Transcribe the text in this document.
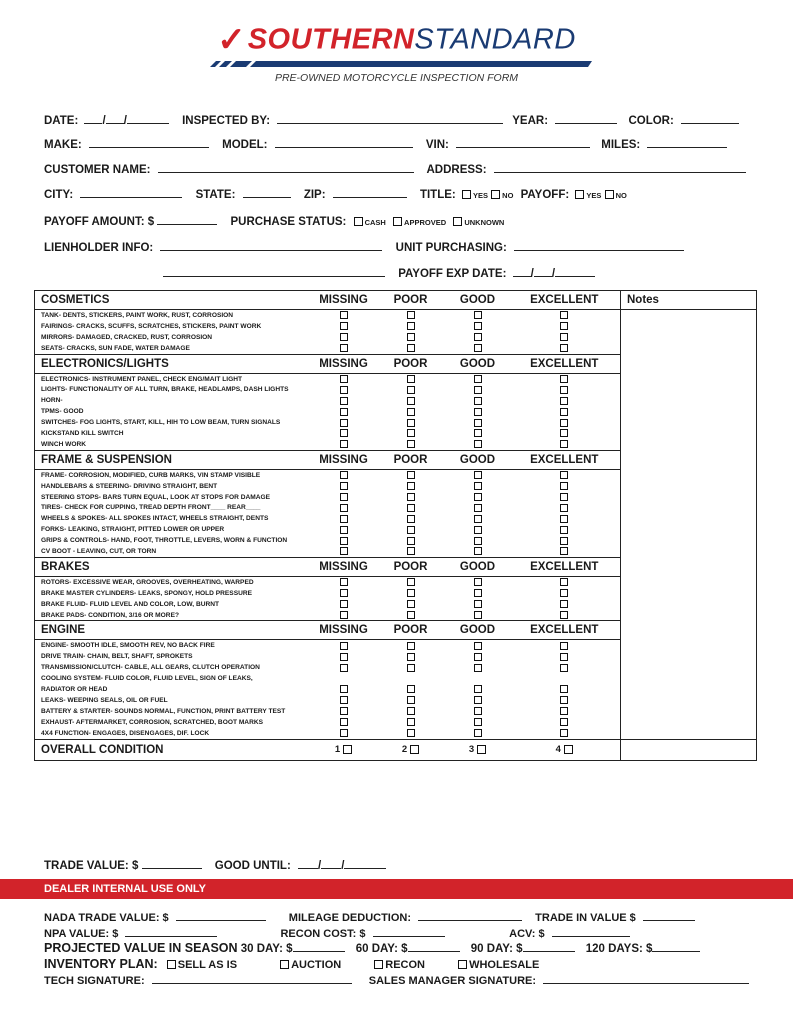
✓SOUTHERNSTANDARD
PRE-OWNED MOTORCYCLE INSPECTION FORM
DATE: / /	INSPECTED BY:	YEAR:	COLOR:
MAKE:	MODEL:	VIN:	MILES:
CUSTOMER NAME:	ADDRESS:
CITY:	STATE:	ZIP:	TITLE: YES NO PAYOFF: YES NO
PAYOFF AMOUNT: $	PURCHASE STATUS: CASH APPROVED UNKNOWN
LIENHOLDER INFO:	UNIT PURCHASING:
PAYOFF EXP DATE: / /
COSMETICS	MISSING	POOR	GOOD	EXCELLENT	Notes
TANK- DENTS, STICKERS, PAINT WORK, RUST, CORROSION					
FAIRINGS- CRACKS, SCUFFS, SCRATCHES, STICKERS, PAINT WORK					
MIRRORS- DAMAGED, CRACKED, RUST, CORROSION					
SEATS- CRACKS, SUN FADE, WATER DAMAGE					
ELECTRONICS/LIGHTS	MISSING	POOR	GOOD	EXCELLENT	
ELECTRONICS- INSTRUMENT PANEL, CHECK ENG/MAIT LIGHT					
LIGHTS- FUNCTIONALITY OF ALL TURN, BRAKE, HEADLAMPS, DASH LIGHTS					
HORN-					
TPMS- GOOD					
SWITCHES- FOG LIGHTS, START, KILL, HIH TO LOW BEAM, TURN SIGNALS					
KICKSTAND KILL SWITCH					
WINCH WORK					
FRAME & SUSPENSION	MISSING	POOR	GOOD	EXCELLENT	
FRAME- CORROSION, MODIFIED, CURB MARKS, VIN STAMP VISIBLE					
HANDLEBARS & STEERING- DRIVING STRAIGHT, BENT					
STEERING STOPS- BARS TURN EQUAL, LOOK AT STOPS FOR DAMAGE					
TIRES- CHECK FOR CUPPING, TREAD DEPTH FRONT____ REAR____					
WHEELS & SPOKES- ALL SPOKES INTACT, WHEELS STRAIGHT, DENTS					
FORKS- LEAKING, STRAIGHT, PITTED LOWER OR UPPER					
GRIPS & CONTROLS- HAND, FOOT, THROTTLE, LEVERS, WORN & FUNCTION					
CV BOOT - LEAVING, CUT, OR TORN					
BRAKES	MISSING	POOR	GOOD	EXCELLENT	
ROTORS- EXCESSIVE WEAR, GROOVES, OVERHEATING, WARPED					
BRAKE MASTER CYLINDERS- LEAKS, SPONGY, HOLD PRESSURE					
BRAKE FLUID- FLUID LEVEL AND COLOR, LOW, BURNT					
BRAKE PADS- CONDITION, 3/16 OR MORE?					
ENGINE	MISSING	POOR	GOOD	EXCELLENT	
ENGINE- SMOOTH IDLE, SMOOTH REV, NO BACK FIRE					
DRIVE TRAIN- CHAIN, BELT, SHAFT, SPROKETS					
TRANSMISSION/CLUTCH- CABLE, ALL GEARS, CLUTCH OPERATION					
COOLING SYSTEM- FLUID COLOR, FLUID LEVEL, SIGN OF LEAKS,					
RADIATOR OR HEAD					
LEAKS- WEEPING SEALS, OIL OR FUEL					
BATTERY & STARTER- SOUNDS NORMAL, FUNCTION, PRINT BATTERY TEST					
EXHAUST- AFTERMARKET, CORROSION, SCRATCHED, BOOT MARKS					
4X4 FUNCTION- ENGAGES, DISENGAGES, DIF. LOCK					
OVERALL CONDITION	1	2	3	4	
TRADE VALUE: $	GOOD UNTIL: / /
DEALER INTERNAL USE ONLY
NADA TRADE VALUE: $	MILEAGE DEDUCTION:	TRADE IN VALUE $
NPA VALUE: $	RECON COST: $	ACV: $
PROJECTED VALUE IN SEASON 30 DAY: $	60 DAY: $	90 DAY: $	120 DAYS: $
INVENTORY PLAN: SELL AS IS	AUCTION	RECON	WHOLESALE
TECH SIGNATURE:	SALES MANAGER SIGNATURE:
